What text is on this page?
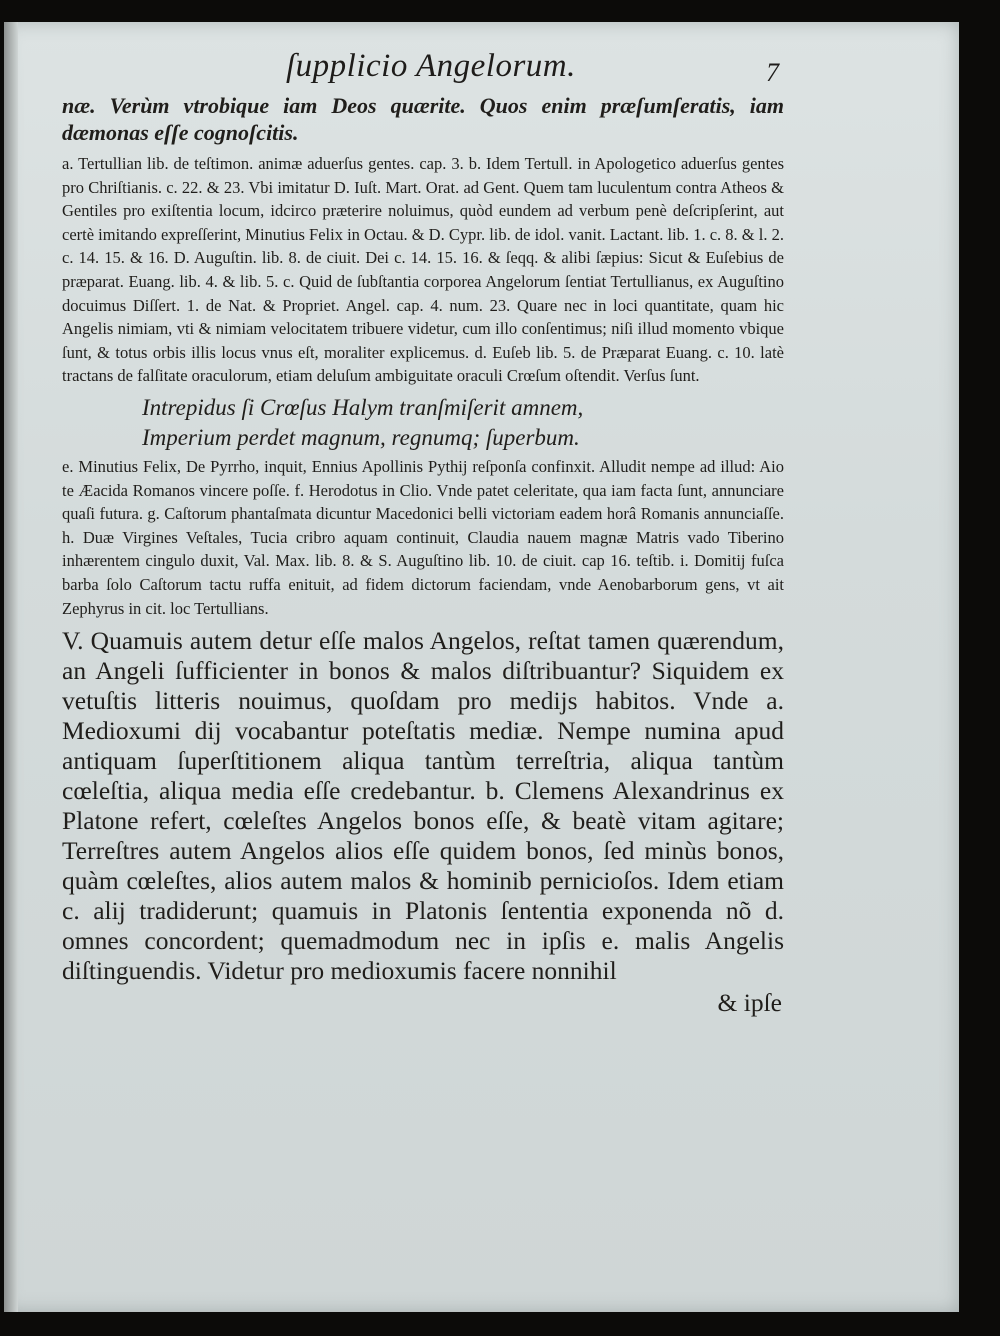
ſupplicio Angelorum.	7
næ. Verùm vtrobique iam Deos quærite. Quos enim præſumſeratis, iam dæmonas eſſe cognoſcitis.
a. Tertullian lib. de teſtimon. animæ aduerſus gentes. cap. 3. b. Idem Tertull. in Apologetico aduerſus gentes pro Chriſtianis. c. 22. & 23. Vbi imitatur D. Iuſt. Mart. Orat. ad Gent. Quem tam luculentum contra Atheos & Gentiles pro exiſtentia locum, idcirco præterire noluimus, quòd eundem ad verbum penè deſcripſerint, aut certè imitando expreſſerint, Minutius Felix in Octau. & D. Cypr. lib. de idol. vanit. Lactant. lib. 1. c. 8. & l. 2. c. 14. 15. & 16. D. Auguſtin. lib. 8. de ciuit. Dei c. 14. 15. 16. & ſeqq. & alibi ſæpius: Sicut & Euſebius de præparat. Euang. lib. 4. & lib. 5. c. Quid de ſubſtantia corporea Angelorum ſentiat Tertullianus, ex Auguſtino docuimus Diſſert. 1. de Nat. & Propriet. Angel. cap. 4. num. 23. Quare nec in loci quantitate, quam hic Angelis nimiam, vti & nimiam velocitatem tribuere videtur, cum illo conſentimus; niſi illud momento vbique ſunt, & totus orbis illis locus vnus eſt, moraliter explicemus. d. Euſeb lib. 5. de Præparat Euang. c. 10. latè tractans de falſitate oraculorum, etiam deluſum ambiguitate oraculi Crœſum oſtendit. Verſus ſunt.
Intrepidus ſi Crœſus Halym tranſmiſerit amnem,
Imperium perdet magnum, regnumq; ſuperbum.
e. Minutius Felix, De Pyrrho, inquit, Ennius Apollinis Pythij reſponſa confinxit. Alludit nempe ad illud: Aio te Æacida Romanos vincere poſſe. f. Herodotus in Clio. Vnde patet celeritate, qua iam facta ſunt, annunciare quaſi futura. g. Caſtorum phantaſmata dicuntur Macedonici belli victoriam eadem horâ Romanis annunciaſſe. h. Duæ Virgines Veſtales, Tucia cribro aquam continuit, Claudia nauem magnæ Matris vado Tiberino inhærentem cingulo duxit, Val. Max. lib. 8. & S. Auguſtino lib. 10. de ciuit. cap 16. teſtib. i. Domitij fuſca barba ſolo Caſtorum tactu ruffa enituit, ad fidem dictorum faciendam, vnde Aenobarborum gens, vt ait Zephyrus in cit. loc Tertullians.
V. Quamuis autem detur eſſe malos Angelos, reſtat tamen quærendum, an Angeli ſufficienter in bonos & malos diſtribuantur? Siquidem ex vetuſtis litteris nouimus, quoſdam pro medijs habitos. Vnde a. Medioxumi dij vocabantur poteſtatis mediæ. Nempe numina apud antiquam ſuperſtitionem aliqua tantùm terreſtria, aliqua tantùm cœleſtia, aliqua media eſſe credebantur. b. Clemens Alexandrinus ex Platone refert, cœleſtes Angelos bonos eſſe, & beatè vitam agitare; Terreſtres autem Angelos alios eſſe quidem bonos, ſed minùs bonos, quàm cœleſtes, alios autem malos & hominib pernicioſos. Idem etiam c. alij tradiderunt; quamuis in Platonis ſententia exponenda nõ d. omnes concordent; quemadmodum nec in ipſis e. malis Angelis diſtinguendis. Videtur pro medioxumis facere nonnihil
& ipſe
